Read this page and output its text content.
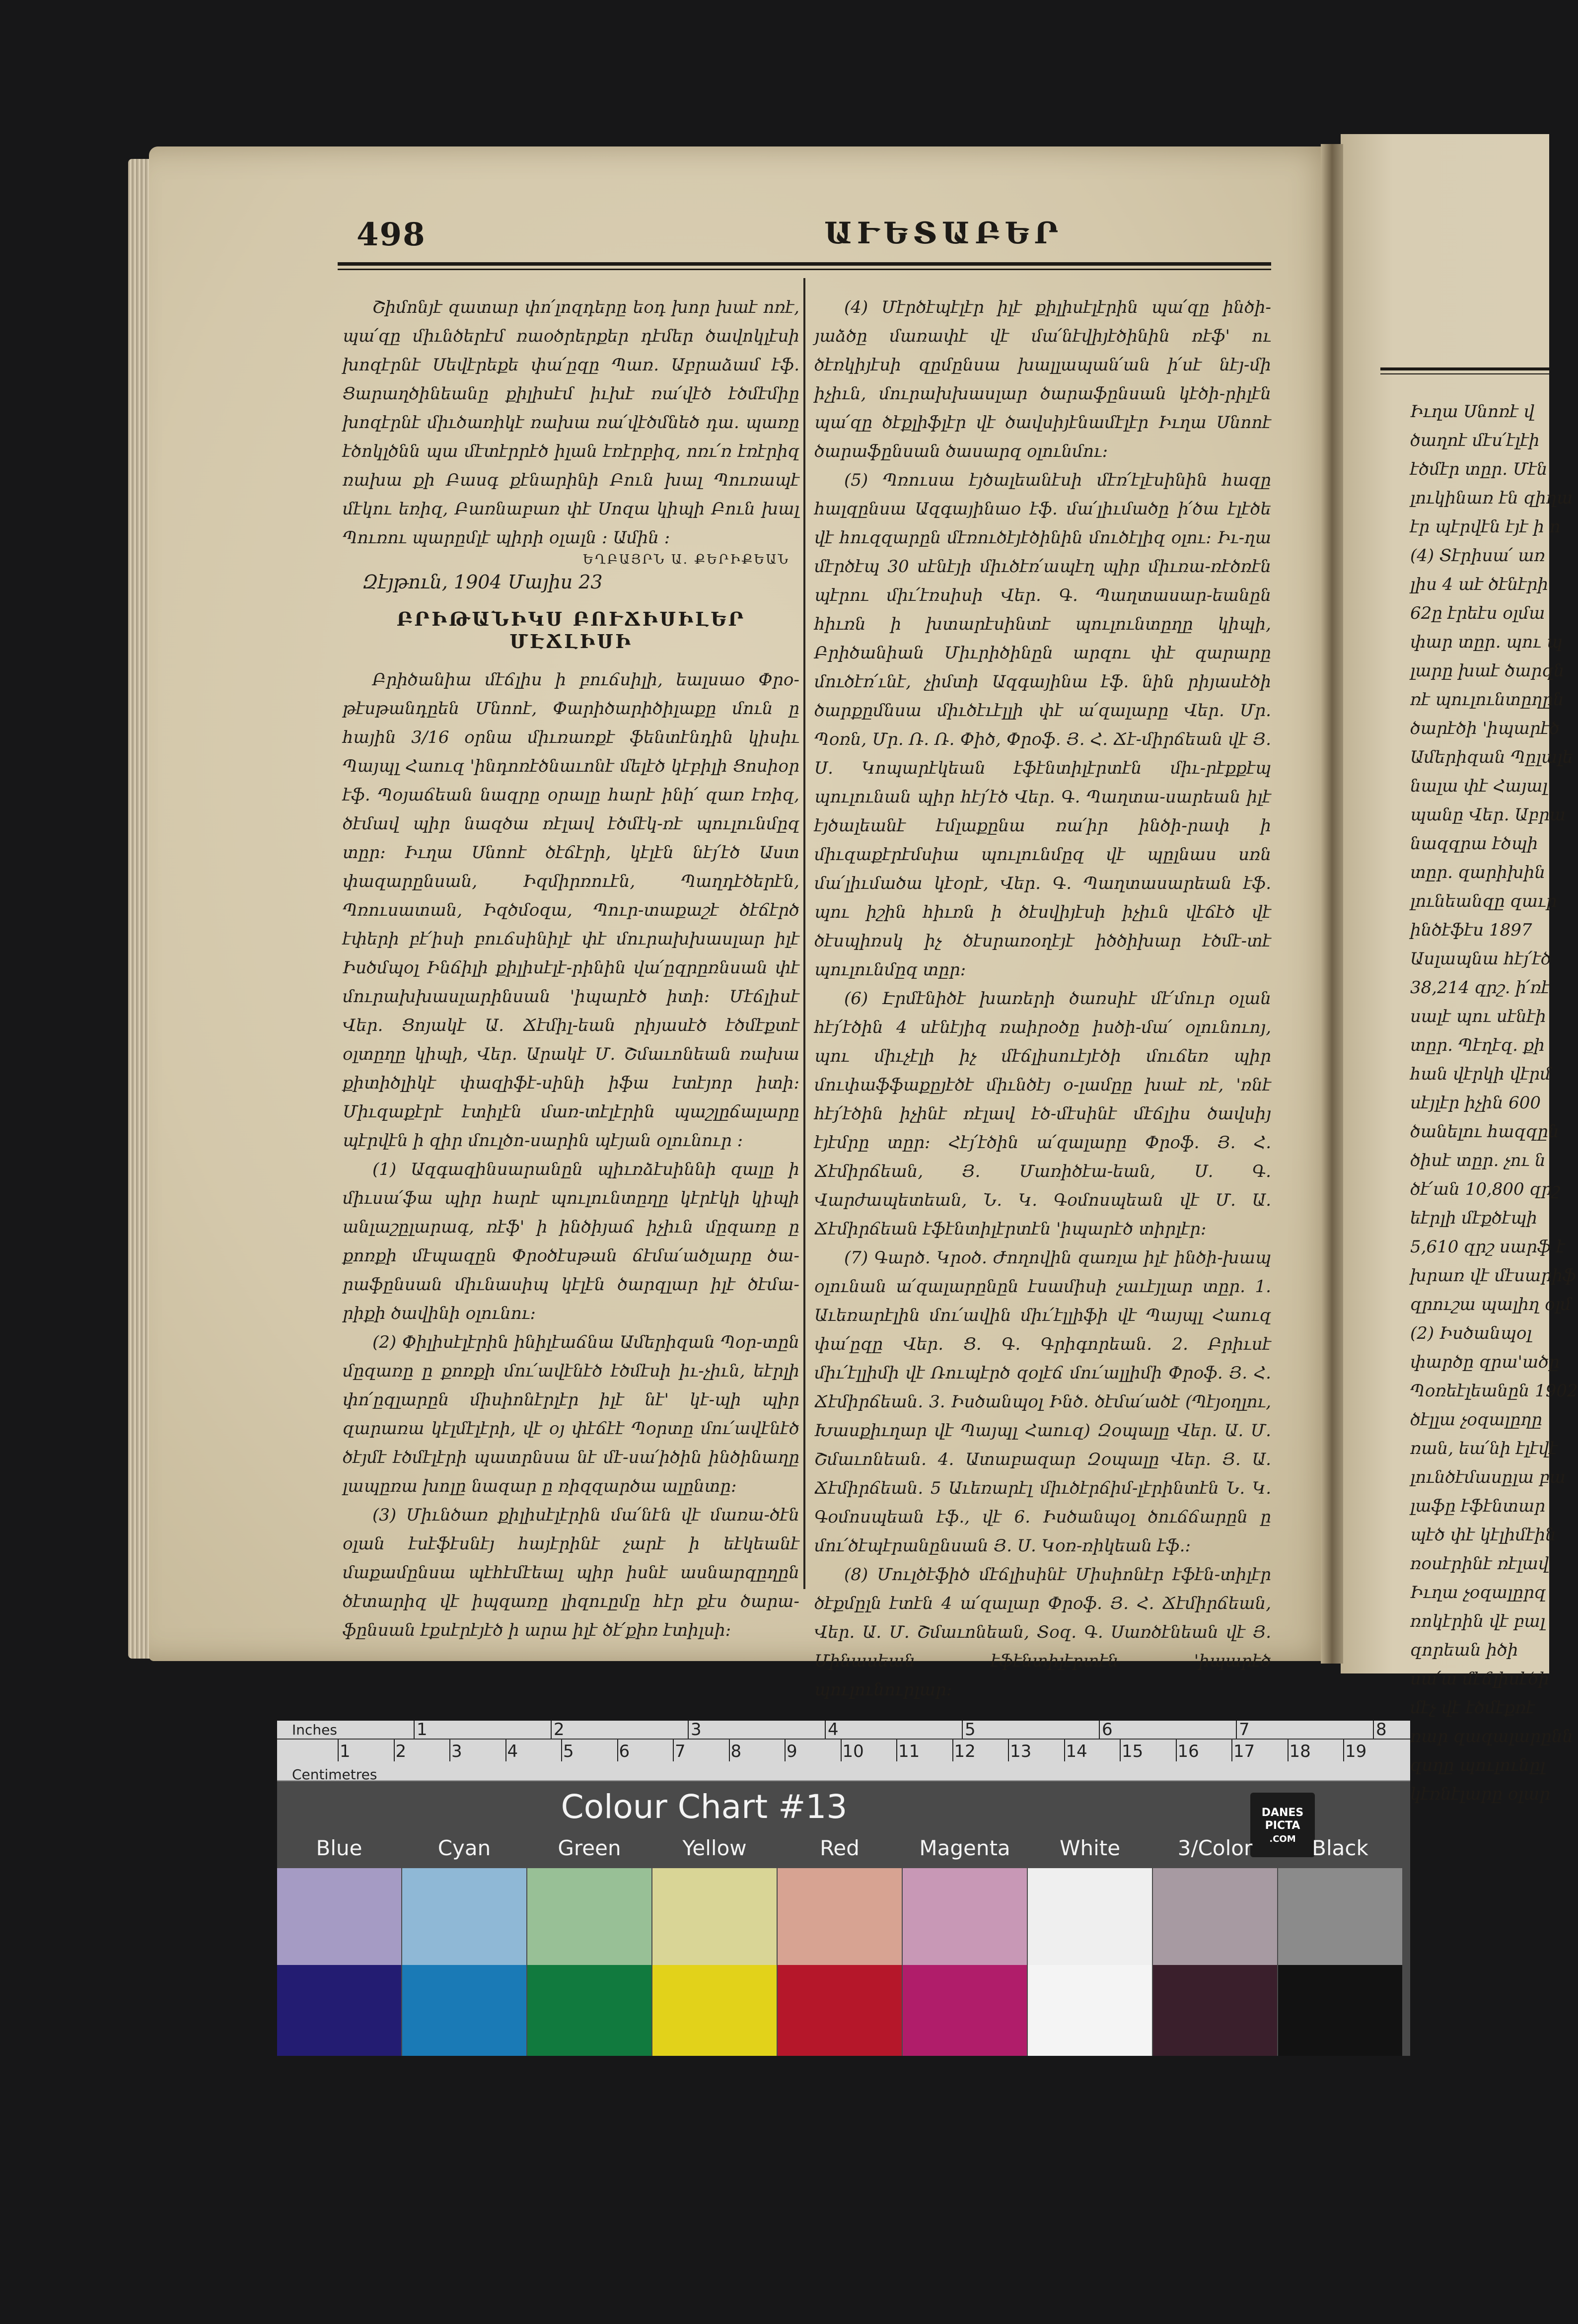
Իւղա Սնոռէ վ
ծաղոէ մէս՛էլէի
էծմէր տըր. Մէն
լուկինառ էն զիղա
էր պէրվէն էյէ ի ո
(4) Տէրիսա՛ առ
լիս 4 աէ ծէնէրի
62ը էրեէս օլմա
փար տըր. պու պ
լարը խաէ ծարզն
ռէ պուլունտըղըն
ծարէծի 'իպարէծ
Ամերիզան Պըլալե
նալա փէ Հայալ
պանը Վեր. Աբրա
նազզրա էծպի
տըր. զարիխին
լունեանզը զաւր
ինծէֆէս 1897
Ասլապնա հէյ՛էծ
38,214 զրշ. ի՛ռէ
սալէ պու սէնէի
տըր. Պէղէզ. քի
հան վէրկի վէրմ
սէյլէր իչին 600
ծանելու հազզըն
ծիսէ տըր. չու ն
ծէ՛ան 10,800 զրշ
եէրլի մէքծէպի
5,610 զրշ սարֆ է
խրառ վէ մէսարիֆ
զրուշա պալիղ օլմ
(2) Իսծանպօլ
փարծը զրա'ածը
Պօռեէլեանըն 1902
ծէլլա չօզալըղը
ռան, եա՛նի էլէվէ
լունծէմասըլա բա
լաֆը էֆէնտար
պէծ փէ կէլիմէին
ռօսէրինէ ռէլավ
Իւղա չօզալըրզ
ռոկէրին վէ բալ
զորեան իծի
սա՛ա մէճլիսէծի
մէչ վէ էծմէքռէ
ռար զազալարընն
զսղը պուլունըլ
կէռնէլարը օլար
498	ԱՒԵՏԱԲԵՐ

Շիմոնյէ զատար փո՛լոզդերը եօդ խոր խաէ ոռէ, պա՛զը միւնծերէմ ռաօծրերքեր դէմեր ծավոկլէսի խոզէրնէ Սեվէրեքե փա՛ըզը Պառ. Աբրաձամ էֆ. Ցարաղծինեանը քիլիսէմ իւխէ ռա՛վէծ էծմէմիը խոզէրնէ միւծառիկէ ռախա ռա՛վէծմնեծ դա. պառը էծոկլծնն պա մէտէրրէծ իլան էռէրբիզ, ոռւ՛ռ էռէրիզ ռախա քի Բասգ քէնարինի Բուն խալ Պուռապէ մէկու եռիզ, Բառնաբառ փէ Սոզա կիպի Բուն խալ Պուռու պարըմլէ պիրի օլալն ։ Ամին ։

ԵՂԲԱՅՐՆ Ա. ՔԵՐԻՔԵԱՆ
Զէյթուն, 1904 Մայիս 23
ԲՐԻԹԱՆԻԿՍ ԲՈՒՃԻՍԻԼԵՐ ՄԷՃԼԻՍԻ

Բրիծանիա մէճլիս ի բուճսիլի, եալսաօ Փրօ-թէսթանդըեն Մնոոէ, Փարիծարիծիլաքը մուն ը հային 3/16 օրնա միւռառքէ ֆենտէնդին կիսիւ Պայպլ Հաուզ 'ինդոռէծնաւոնէ մելէծ կէբիլի Ցոսիօր էֆ. Պօյաճեան նազրը օրալը հարէ ինի՛ զառ էռիզ, ծէմավ պիր նազծա ռէլավ էծմէկ-ռէ պուլունմըզ տըր։ Իւղա Սնոոէ ծէճէրի, կէլէն նէյ՛էծ Աստ փազարընսան, Իզմիրռուէն, Պաղդէծերէն, Պռուսատան, Իզծմօզա, Պուր-տաքաշէ ծէճէրծ էփերի բէ՛իսի բուճսինիլէ փէ մուրախխասլար իլէ Իսծմպօլ Ինճիլի քիլիսէլէ-րինին վա՛ըզրըռնսան փէ մուրախխասլարինսան 'իպարէծ իտի։ Մէճլիսէ Վեր. Ցոյակէ Ա. Ճէմիլ-եան րիյասէծ էծմէքտէ օլտըղը կիպի, Վեր. Արակէ Մ. Շմաւոնեան ռախա քիտիծլիկէ փազիֆէ-սինի իֆա էտէյոր իտի։ Միւզաքէրէ էտիլէն մառ-տէլէրին պաշլըճալարը պէրվէն ի զիր մուլծո-սարին պէյան օլունուր ։

(1) Ազգազինսարանըն պիւռձէսիննի զալը ի միւսա՛ֆա պիր հարէ պուլունտըղը կէրէկի կիպի անլաշըլարագ, ռէֆ' ի ինծիյաճ իչիւն մըզառը ը քոռքի մէպազըն Փրօծէսթան ճէմա՛ածլարը ծա-րաֆընսան միւնասիպ կէլէն ծարզլար իլէ ծէմա-րիքի ծավինի օլունու։

(2) Փիլիսէլէրին ինիլէաճնա Ամերիզան Պօր-տըն մըզառը ը քոռքի մու՛ավէնէծ էծմէսի իւ-չիւն, եէրլի փո՛ըզլարըն միսիոնէրլէր իլէ նէ' կէ-պի պիր զարառա կէլմէլէրի, վէ օյ փէճէէ Պօրտը մու՛ավէնէծ ծէյմէ էծմէլէրի պատրնսա նէ մէ-սա՛իծին ինծինաղը լապըռա խոլը նազար ը ռիզզարծա ալընտը։

(3) Միւնծառ քիլիսէլէրին մա՛նէն վէ մառա-ծէն օլան էսէֆէսնէյ հայէրինէ չարէ ի եէկեանէ մաքամընսա պէհէմէեալ պիր իսնէ ասնարզըղըն ծէտարիզ վէ իպզառը լիզուըմը հէր քէս ծարա-ֆընսան էքսէրէյէծ ի արա իլէ ծէ՛քիռ էտիլսի։

(4) Մէրծէպէլէր իլէ քիլիսէլէրին պա՛զը ինծի-յաձծը մառափէ վէ մա՛նէվիյէծինին ռէֆ' ու ծէռկիյէսի զըմընսա խալլապան՛ան ի՛սէ նէյ-մի իչիւն, մուրախխասլար ծարաֆընսան կէծի-րիլէն պա՛զը ծէքլիֆլէր վէ ծավսիյէնամէլէր Իւղա Սնոոէ ծարաֆընսան ծասարզ օլունմու։

(5) Պռուսա էյծալեանէսի մէռ՛էլէսինին հազը հալզընսա Ազգայինաօ էֆ. մա՛լիւմածը ի՛ծա էլէծե վէ հուզզարըն մէռուծէյէծինին մուծէլիզ օլու։ Իւ-ղա մէրծէպ 30 սէնէյի միւծէռ՛ապէղ պիր միւռա-ռէծռէն պէրու միւ՛էռսիսի Վեր. Գ. Պաղտասար-եանըն հիւռն ի խտարէսինտէ պուլունտըղը կիպի, Բրիծանիան Միւրիծինըն արզու փէ զարարը մուծէռ՛ւնէ, չիմտի Ազգայինա էֆ. նին րիյասէծի ծարքըմնսա միւծէւէլլի փէ ա՛զալարը Վեր. Մր. Պօռն, Մր. Ռ. Ռ. Փիծ, Փրօֆ. Յ. Հ. Ճէ-միրճեան վէ Յ. Ս. Կոպարէկեան էֆէնտիլէրտէն միւ-րէքքէպ պուլունան պիր հէյ՛էծ Վեր. Գ. Պաղտա-սարեան իլէ էյծալեանէ էմլաքընա ռա՛իր ինծի-րափ ի միւզաքէրէմսիա պուլունմըզ վէ պըլնաս սռն մա՛լիւմածա կէօրէ, Վեր. Գ. Պաղտասարեան էֆ. պու իշին հիւռն ի ծէսվիյէսի իչիւն վէճէծ վէ ծէսպիռսկ իչ ծէսրառօղէյէ իծծիխար էծմէ-տէ պուլունմըզ տըր։

(6) Էրմէնիծէ խառերի ծառսիէ մէ՛մուր օլան հէյ՛էծին 4 սէնէյիզ ռաիրօծը իսծի-մա՛ օլունուոյ, պու միւչէլի իչ մէճլիսուէյէծի մուճեռ պիր մուփաֆֆաքըյէծէ միւնծէյ օ-լամըը խաէ ռէ, 'ռնէ հէյ՛էծին իչինէ ռէլավ էծ-մէսինէ մէճլիս ծավսիյ էյէմրը տըր։ Հէյ՛էծին ա՛զալարը Փրօֆ. Յ. Հ. Ճէմիրճեան, Յ. Մառիծէա-եան, Ս. Գ. Վարժապետեան, Ն. Կ. Գօմոսպեան վէ Մ. Ա. Ճէմիրճեան էֆէնտիլէրտէն 'իպարէծ տիրլէր։

(7) Գարծ. Կրօծ. Ժողովին զառլա իլէ ինծի-խապ օլունան ա՛զալարընըն էսամիսի չաւէյլար տըր. 1. Աւեռարէլին մու՛ավին միւ՛էլլիֆի վէ Պայպլ Հաուզ փա՛ըզը Վեր. Ց. Գ. Գրիգորեան. 2. Բրիւսէ միւ՛էլլիմի վէ Ռուպէրծ զօլէճ մու՛ալլիմի Փրօֆ. Յ. Հ. Ճէմիրճեան. 3. Իսծանպօլ Ինծ. ծէմա՛ածէ (Պէյօղլու, Խասքիւղար վէ Պայպլ Հաուզ) Զօպալը Վեր. Ա. Մ. Շմաւոնեան. 4. Ատաբազար Զօպալը Վեր. Յ. Ա. Ճէմիրճեան. 5 Աւեռարէլ միւծէրճիմ-լէրինտէն Ն. Կ. Գօմոսպեան էֆ., վէ 6. Իսծանպօլ ծուճճարըն ը մու՛ծէպէրանընսան Յ. Ս. Կօռ-ռիկեան էֆ.։

(8) Մուլծէֆիծ մէճլիսինէ Միսիոնէր էֆէն-տիլէր ծէքմըլն էտէն 4 ա՛զալար Փրօֆ. Յ. Հ. Ճէմիրճեան, Վեր. Ա. Մ. Շմաւոնեան, Տօզ. Գ. Սառծէնեան վէ Յ. Մինասեան էֆէնտիլէրտէն 'իպարէծ պուլունուրլար։

Inches
Centimetres
1	2	3	4	5	6	7	8
1	2	3	4	5	6	7	8	9	10 11 12 13 14 15 16 17 18 19
Colour Chart #13	DANES PICTA
.COM
Blue	Cyan	Green	Yellow	Red	Magenta	White	3/Color	Black
